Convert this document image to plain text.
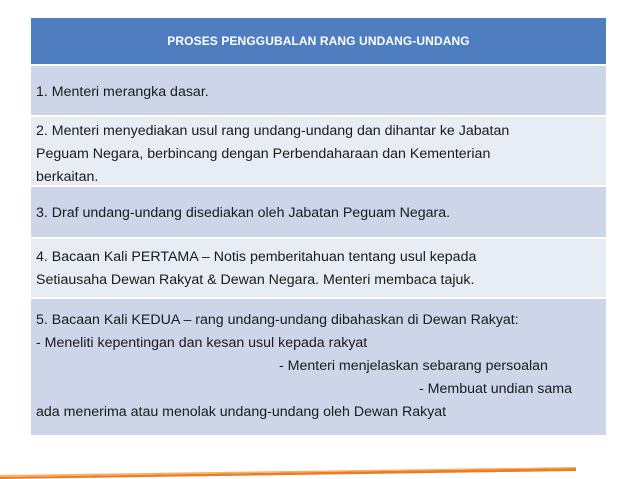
PROSES PENGGUBALAN RANG UNDANG-UNDANG
1. Menteri merangka dasar.
2. Menteri menyediakan usul rang undang-undang dan dihantar ke Jabatan
Peguam Negara, berbincang dengan Perbendaharaan dan Kementerian
berkaitan.
3. Draf undang-undang disediakan oleh Jabatan Peguam Negara.
4. Bacaan Kali PERTAMA – Notis pemberitahuan tentang usul kepada
Setiausaha Dewan Rakyat & Dewan Negara. Menteri membaca tajuk.
5. Bacaan Kali KEDUA – rang undang-undang dibahaskan di Dewan Rakyat:
- Meneliti kepentingan dan kesan usul kepada rakyat
- Menteri menjelaskan sebarang persoalan
- Membuat undian sama
ada menerima atau menolak undang-undang oleh Dewan Rakyat
